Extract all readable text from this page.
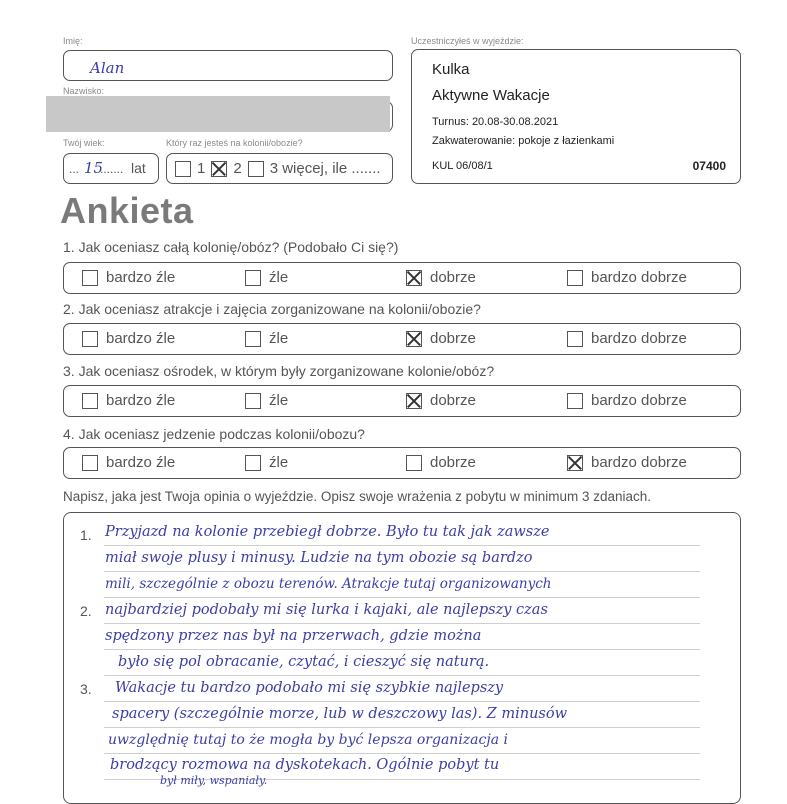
Imię:
Alan
Nazwisko:
Twój wiek:
... 15
....... lat
Który raz jesteś na kolonii/obozie?
1 2 3 więcej, ile .......
Uczestniczyłeś w wyjeździe:
Kulka
Aktywne Wakacje
Turnus: 20.08-30.08.2021
Zakwaterowanie: pokoje z łazienkami
KUL 06/08/1	07400
Ankieta
1. Jak oceniasz całą kolonię/obóz? (Podobało Ci się?)
bardzo źle	źle	dobrze	bardzo dobrze
2. Jak oceniasz atrakcje i zajęcia zorganizowane na kolonii/obozie?
bardzo źle	źle	dobrze	bardzo dobrze
3. Jak oceniasz ośrodek, w którym były zorganizowane kolonie/obóz?
bardzo źle	źle	dobrze	bardzo dobrze
4. Jak oceniasz jedzenie podczas kolonii/obozu?
bardzo źle	źle	dobrze	bardzo dobrze
Napisz, jaka jest Twoja opinia o wyjeździe. Opisz swoje wrażenia z pobytu w minimum 3 zdaniach.
1.
2.
3.
Przyjazd na kolonie przebiegł dobrze. Było tu tak jak zawsze
miał swoje plusy i minusy. Ludzie na tym obozie są bardzo
mili, szczególnie z obozu terenów. Atrakcje tutaj organizowanych
najbardziej podobały mi się lurka i kajaki, ale najlepszy czas
spędzony przez nas był na przerwach, gdzie można
było się pol obracanie, czytać, i cieszyć się naturą.
Wakacje tu bardzo podobało mi się szybkie najlepszy
spacery (szczególnie morze, lub w deszczowy las). Z minusów
uwzględnię tutaj to że mogła by być lepsza organizacja i
brodzący rozmowa na dyskotekach. Ogólnie pobyt tu
był miły, wspaniały.
